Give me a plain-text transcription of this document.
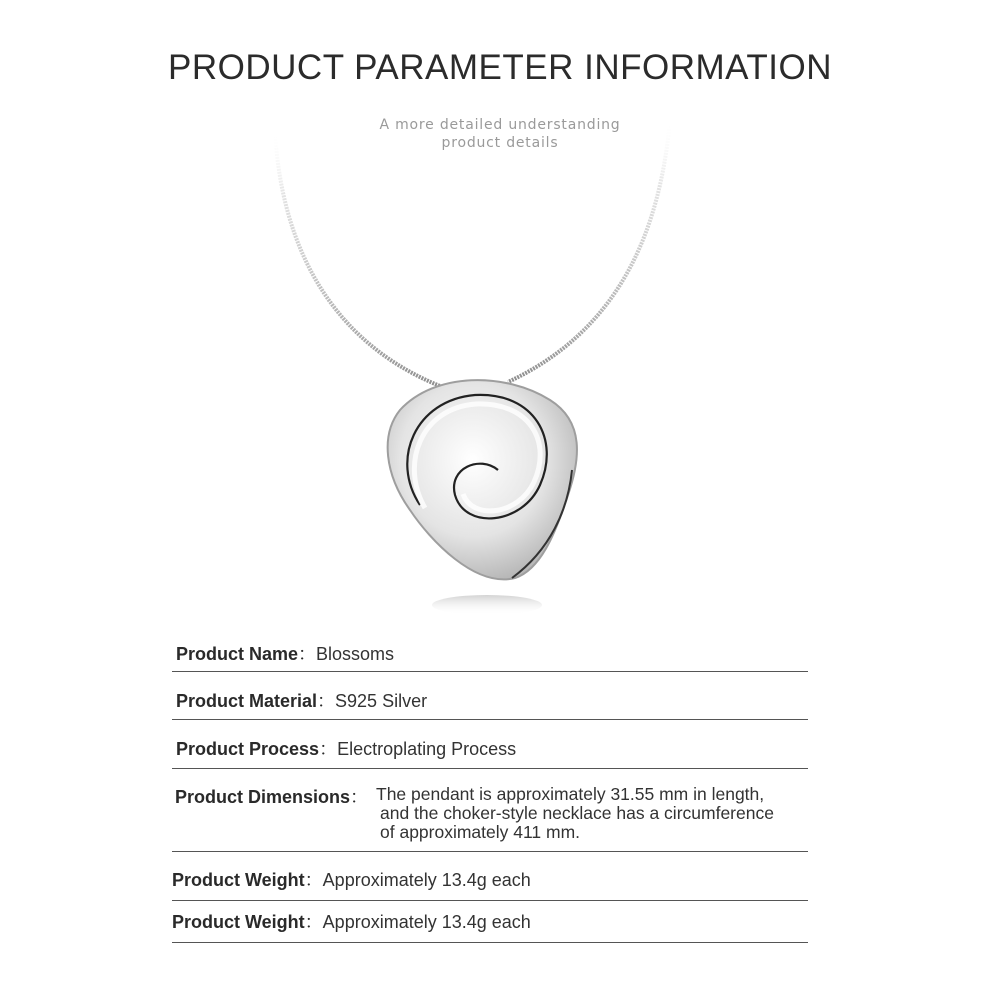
PRODUCT PARAMETER INFORMATION
A more detailed understanding
product details
Product Name：Blossoms
Product Material：S925 Silver
Product Process：Electroplating Process
Product Dimensions： The pendant is approximately 31.55 mm in length,
and the choker-style necklace has a circumference
of approximately 411 mm.
Product Weight：Approximately 13.4g each
Product Weight：Approximately 13.4g each
